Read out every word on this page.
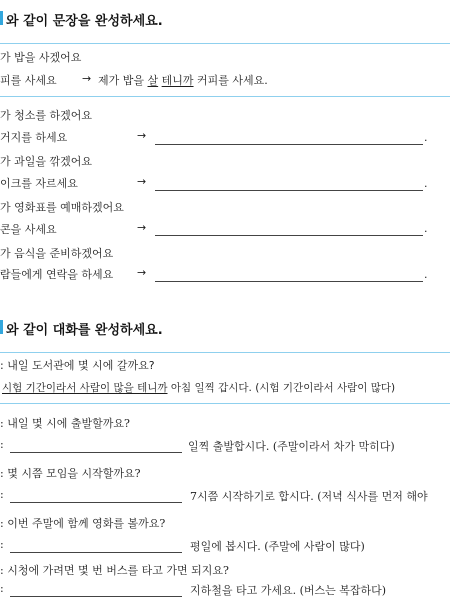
와 같이 문장을 완성하세요.
가 밥을 사겠어요
피를 사세요 → 제가 밥을 살 테니까 커피를 사세요.
가 청소를 하겠어요
거지를 하세요	→	.
가 과일을 깎겠어요
이크를 자르세요	→	.
가 영화표를 예매하겠어요
콘을 사세요	→	.
가 음식을 준비하겠어요
람들에게 연락을 하세요 →	.
와 같이 대화를 완성하세요.
: 내일 도서관에 몇 시에 갈까요?
시험 기간이라서 사람이 많을 테니까 아침 일찍 갑시다. (시험 기간이라서 사람이 많다)
: 내일 몇 시에 출발할까요?
:	일찍 출발합시다. (주말이라서 차가 막히다)
: 몇 시쯤 모임을 시작할까요?
:	7시쯤 시작하기로 합시다. (저녁 식사를 먼저 해야
: 이번 주말에 함께 영화를 볼까요?
:	평일에 봅시다. (주말에 사람이 많다)
: 시청에 가려면 몇 번 버스를 타고 가면 되지요?
:	지하철을 타고 가세요. (버스는 복잡하다)
